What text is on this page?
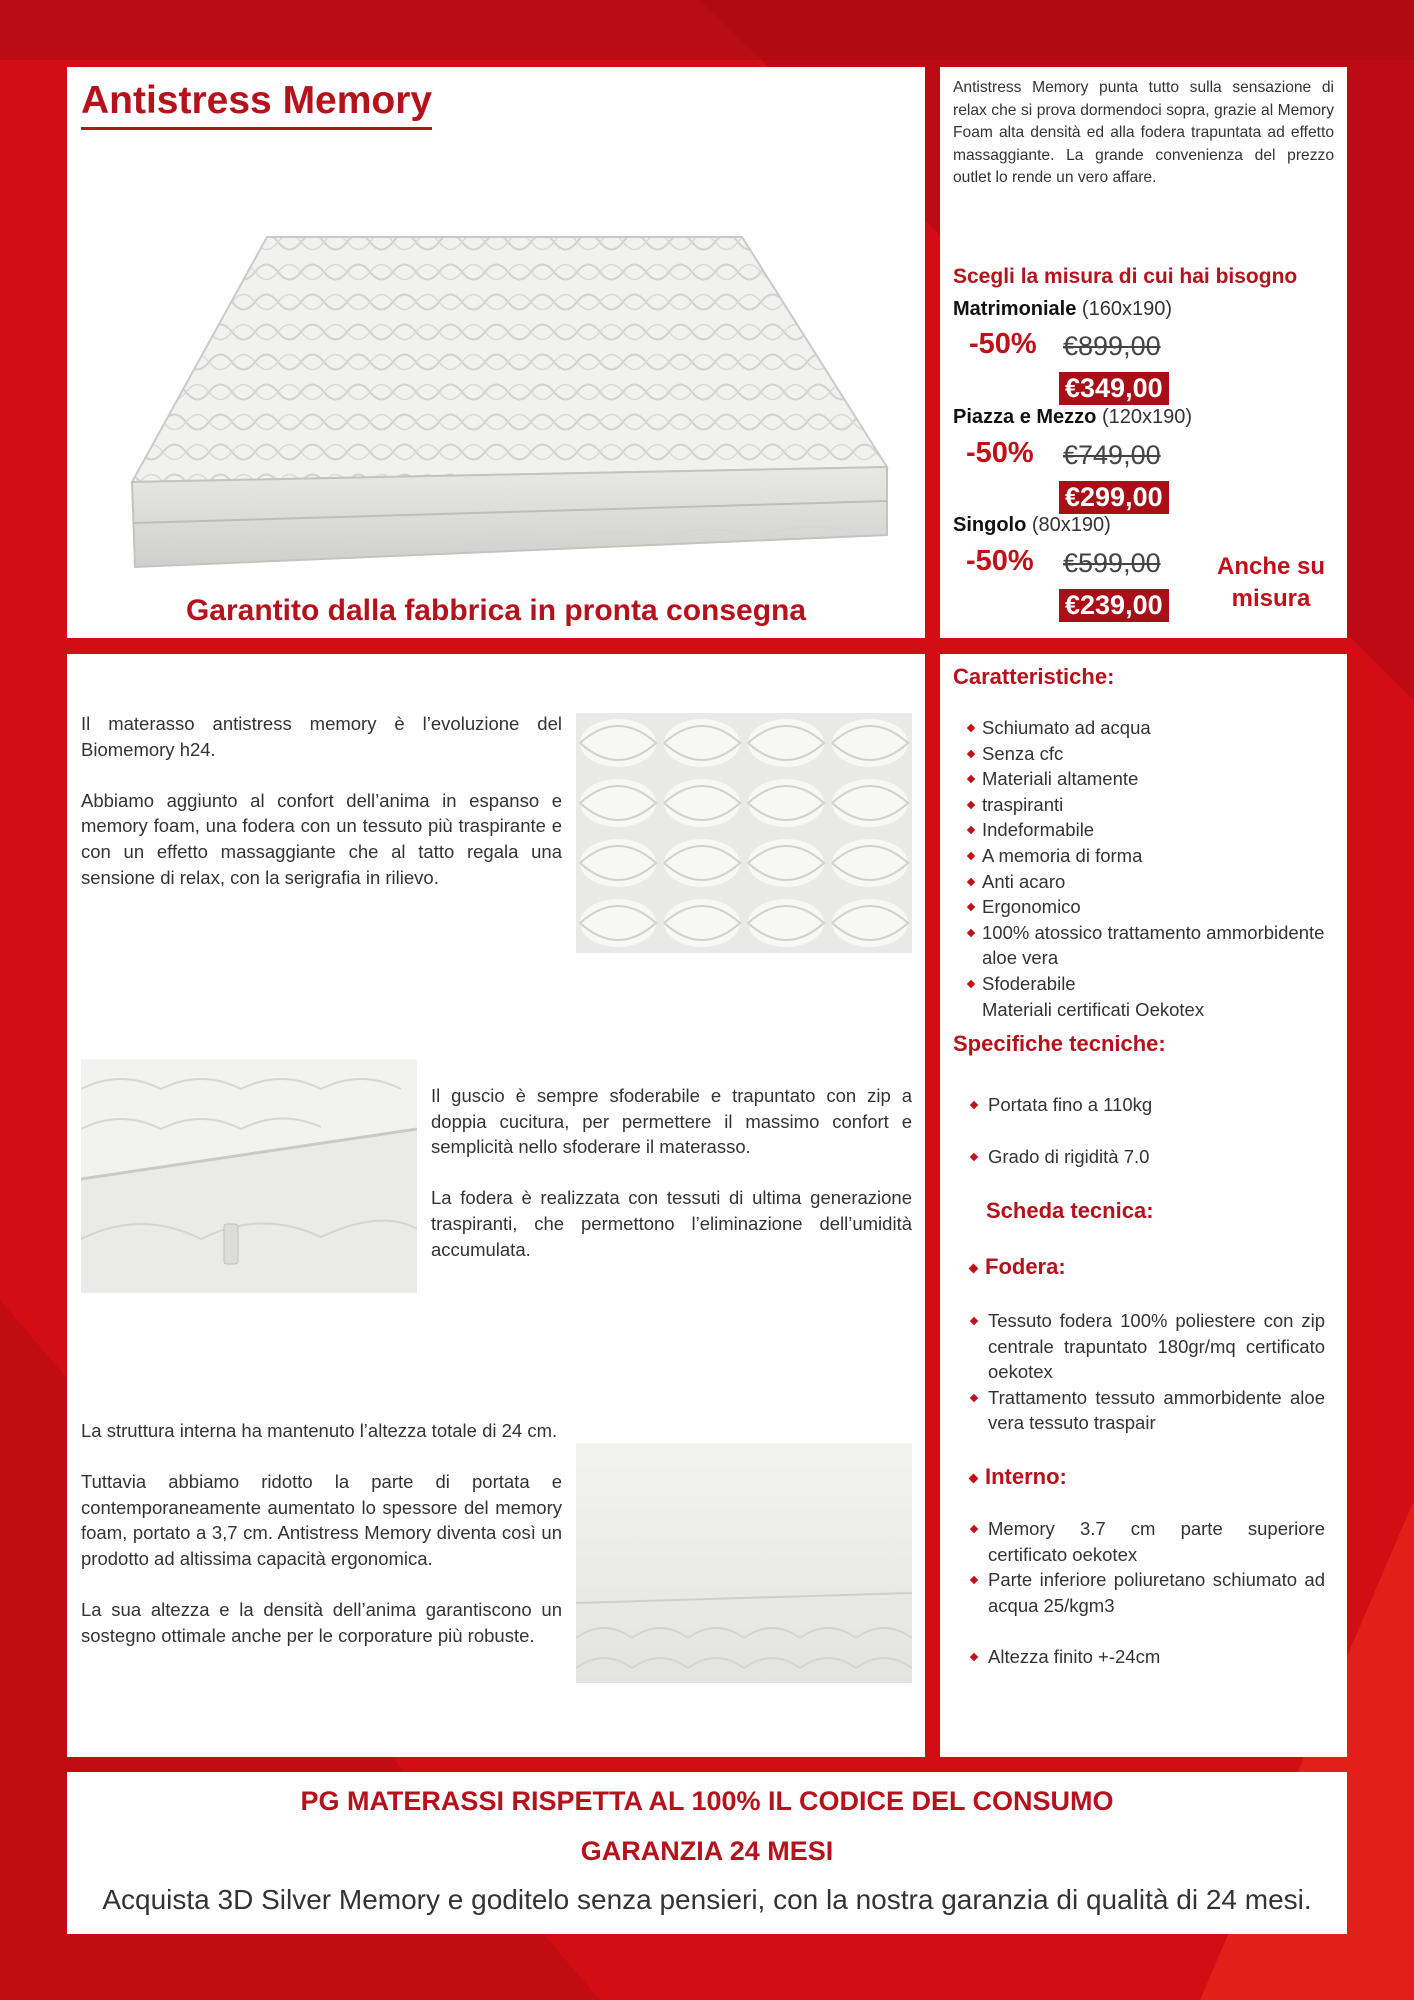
Antistress Memory
Garantito dalla fabbrica in pronta consegna

Antistress Memory punta tutto sulla sensazione di relax che si prova dormendoci sopra, grazie al Memory Foam alta densità ed alla fodera trapuntata ad effetto massaggiante. La grande convenienza del prezzo outlet lo rende un vero affare.

Scegli la misura di cui hai bisogno
Matrimoniale (160x190)
-50% €899,00
€349,00
Piazza e Mezzo (120x190)
-50% €749,00
€299,00
Singolo (80x190)
-50% €599,00
€239,00
Anche su misura

Il materasso antistress memory è l’evoluzione del Biomemory h24.

Abbiamo aggiunto al confort dell’anima in espanso e memory foam, una fodera con un tessuto più traspirante e con un effetto massaggiante che al tatto regala una sensione di relax, con la serigrafia in rilievo.

Il guscio è sempre sfoderabile e trapuntato con zip a doppia cucitura, per permettere il massimo confort e semplicità nello sfoderare il materasso.

La fodera è realizzata con tessuti di ultima generazione traspiranti, che permettono l’eliminazione dell’umidità accumulata.

La struttura interna ha mantenuto l’altezza totale di 24 cm.

Tuttavia abbiamo ridotto la parte di portata e contemporaneamente aumentato lo spessore del memory foam, portato a 3,7 cm. Antistress Memory diventa così un prodotto ad altissima capacità ergonomica.

La sua altezza e la densità dell’anima garantiscono un sostegno ottimale anche per le corporature più robuste.

Caratteristiche:
Schiumato ad acqua
Senza cfc
Materiali altamente
traspiranti
Indeformabile
A memoria di forma
Anti acaro
Ergonomico
100% atossico trattamento ammorbidente aloe vera
Sfoderabile
Materiali certificati Oekotex
Specifiche tecniche:
Portata fino a 110kg
Grado di rigidità 7.0
Scheda tecnica:
Fodera:
Tessuto fodera 100% poliestere con zip centrale trapuntato 180gr/mq certificato oekotex
Trattamento tessuto ammorbidente aloe vera tessuto traspair
Interno:
Memory 3.7 cm parte superiore certificato oekotex
Parte inferiore poliuretano schiumato ad acqua 25/kgm3
Altezza finito +-24cm
PG MATERASSI RISPETTA AL 100% IL CODICE DEL CONSUMO
GARANZIA 24 MESI
Acquista 3D Silver Memory e goditelo senza pensieri, con la nostra garanzia di qualità di 24 mesi.
